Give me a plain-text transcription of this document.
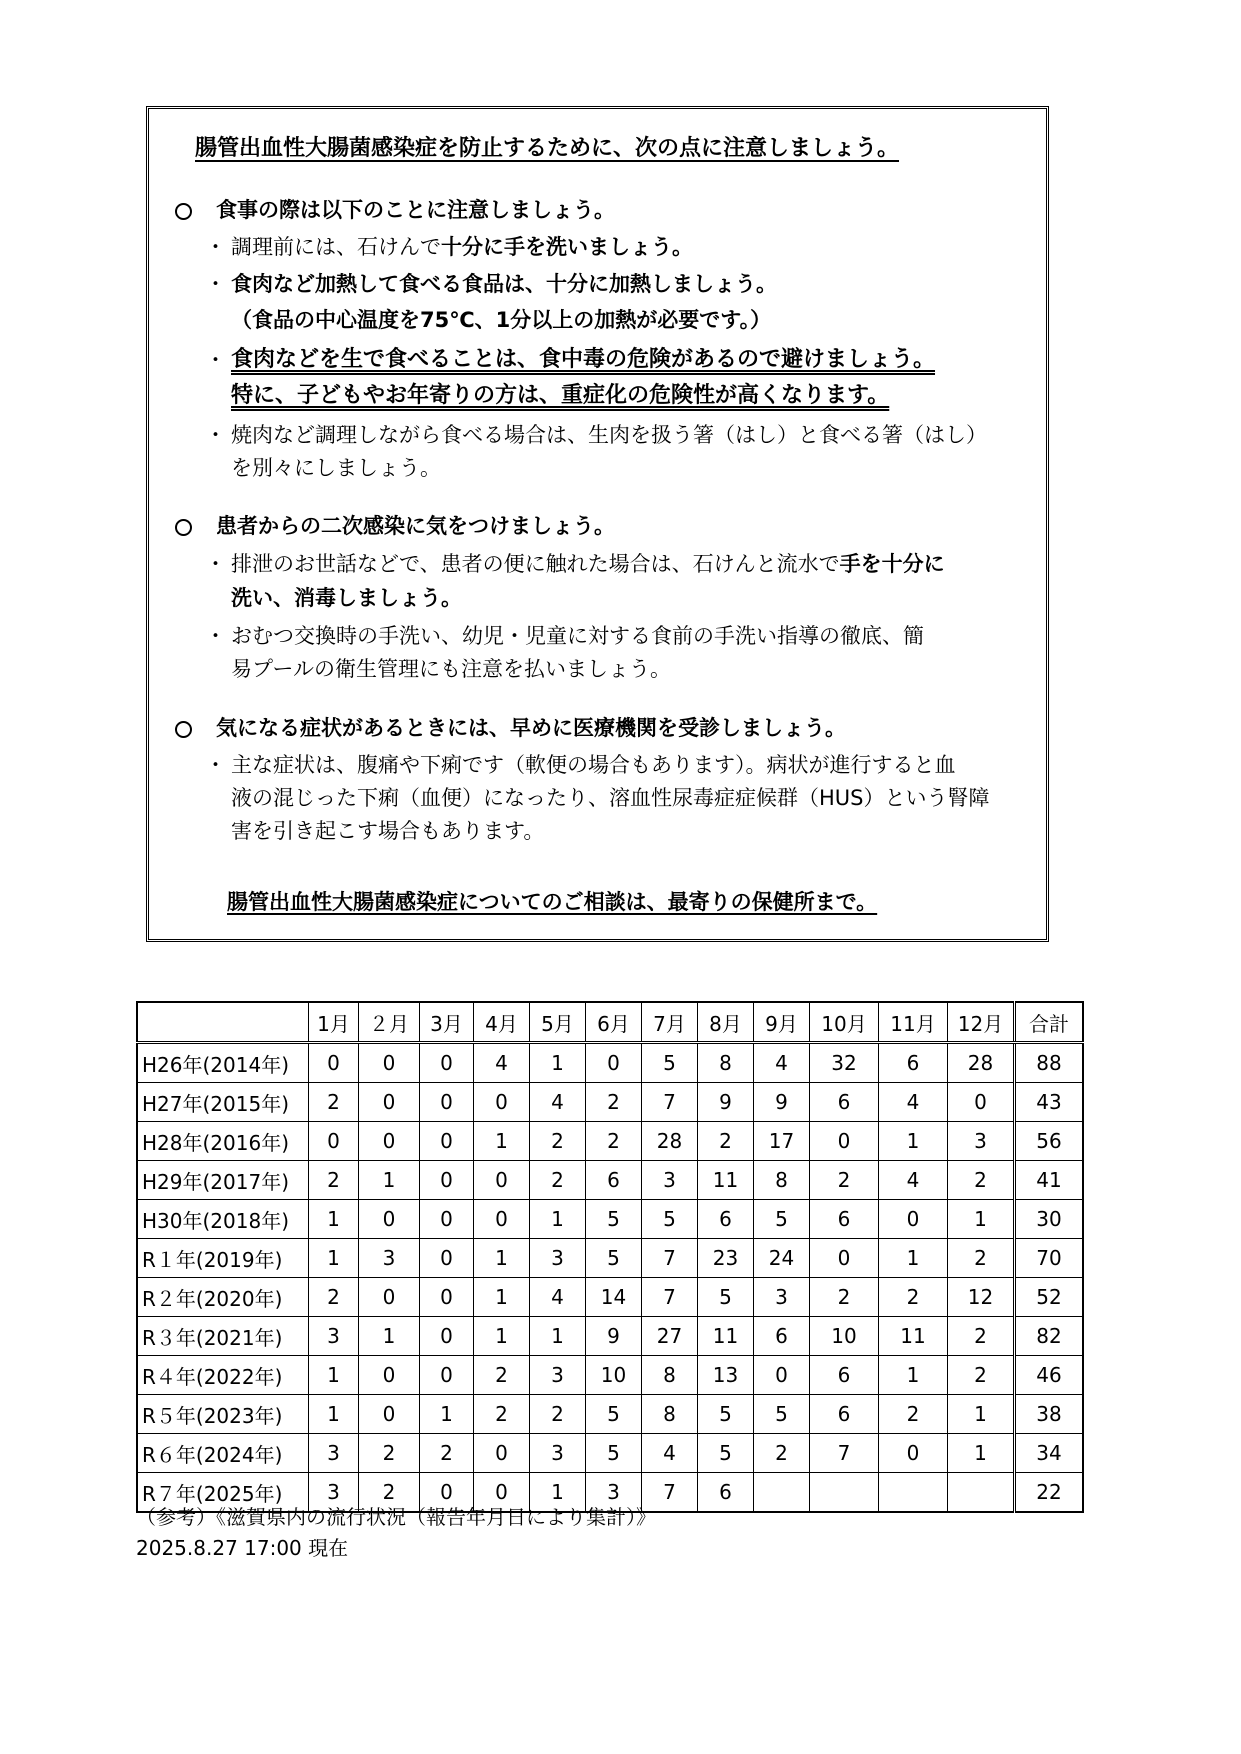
腸管出血性大腸菌感染症を防止するために、次の点に注意しましょう。
食事の際は以下のことに注意しましょう。
・ 調理前には、石けんで十分に手を洗いましょう。
・ 食肉など加熱して食べる食品は、十分に加熱しましょう。
（食品の中心温度を75℃、1分以上の加熱が必要です。）
・ 食肉などを生で食べることは、食中毒の危険があるので避けましょう。
特に、子どもやお年寄りの方は、重症化の危険性が高くなります。
・ 焼肉など調理しながら食べる場合は、生肉を扱う箸（はし）と食べる箸（はし）
を別々にしましょう。
患者からの二次感染に気をつけましょう。
・ 排泄のお世話などで、患者の便に触れた場合は、石けんと流水で手を十分に
洗い、消毒しましょう。
・ おむつ交換時の手洗い、幼児・児童に対する食前の手洗い指導の徹底、簡
易プールの衛生管理にも注意を払いましょう。
気になる症状があるときには、早めに医療機関を受診しましょう。
・ 主な症状は、腹痛や下痢です（軟便の場合もあります）。病状が進行すると血
液の混じった下痢（血便）になったり、溶血性尿毒症症候群（HUS）という腎障
害を引き起こす場合もあります。
腸管出血性大腸菌感染症についてのご相談は、最寄りの保健所まで。
	1月	２月	3月	4月	5月	6月	7月	8月	9月	10月	11月	12月	合計
H26年(2014年)	0	0	0	4	1	0	5	8	4	32	6	28	88
H27年(2015年)	2	0	0	0	4	2	7	9	9	6	4	0	43
H28年(2016年)	0	0	0	1	2	2	28	2	17	0	1	3	56
H29年(2017年)	2	1	0	0	2	6	3	11	8	2	4	2	41
H30年(2018年)	1	0	0	0	1	5	5	6	5	6	0	1	30
R１年(2019年)	1	3	0	1	3	5	7	23	24	0	1	2	70
R２年(2020年)	2	0	0	1	4	14	7	5	3	2	2	12	52
R３年(2021年)	3	1	0	1	1	9	27	11	6	10	11	2	82
R４年(2022年)	1	0	0	2	3	10	8	13	0	6	1	2	46
R５年(2023年)	1	0	1	2	2	5	8	5	5	6	2	1	38
R６年(2024年)	3	2	2	0	3	5	4	5	2	7	0	1	34
R７年(2025年)	3	2	0	0	1	3	7	6					22
（参考）《滋賀県内の流行状況（報告年月日により集計）》
2025.8.27 17:00 現在
